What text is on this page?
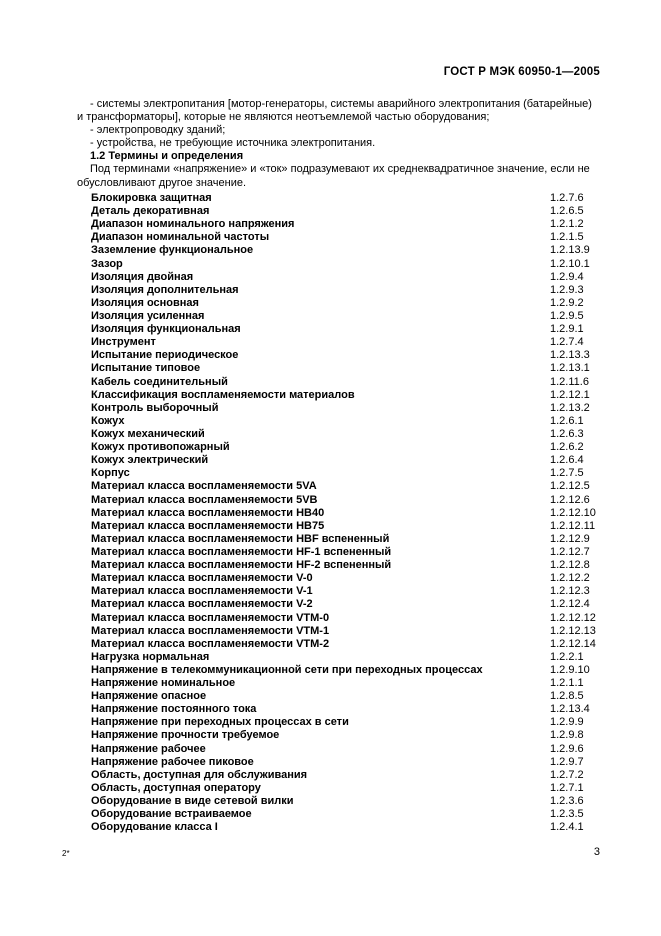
ГОСТ Р МЭК 60950-1—2005

- системы электропитания [мотор-генераторы, системы аварийного электропитания (батарейные) и трансформаторы], которые не являются неотъемлемой частью оборудования;

- электропроводку зданий;

- устройства, не требующие источника электропитания.

1.2 Термины и определения

Под терминами «напряжение» и «ток» подразумевают их среднеквадратичное значение, если не обусловливают другое значение.

Блокировка защитная	1.2.7.6
Деталь декоративная	1.2.6.5
Диапазон номинального напряжения	1.2.1.2
Диапазон номинальной частоты	1.2.1.5
Заземление функциональное	1.2.13.9
Зазор	1.2.10.1
Изоляция двойная	1.2.9.4
Изоляция дополнительная	1.2.9.3
Изоляция основная	1.2.9.2
Изоляция усиленная	1.2.9.5
Изоляция функциональная	1.2.9.1
Инструмент	1.2.7.4
Испытание периодическое	1.2.13.3
Испытание типовое	1.2.13.1
Кабель соединительный	1.2.11.6
Классификация воспламеняемости материалов	1.2.12.1
Контроль выборочный	1.2.13.2
Кожух	1.2.6.1
Кожух механический	1.2.6.3
Кожух противопожарный	1.2.6.2
Кожух электрический	1.2.6.4
Корпус	1.2.7.5
Материал класса воспламеняемости 5VA	1.2.12.5
Материал класса воспламеняемости 5VB	1.2.12.6
Материал класса воспламеняемости HB40	1.2.12.10
Материал класса воспламеняемости HB75	1.2.12.11
Материал класса воспламеняемости HBF вспененный	1.2.12.9
Материал класса воспламеняемости HF-1 вспененный	1.2.12.7
Материал класса воспламеняемости HF-2 вспененный	1.2.12.8
Материал класса воспламеняемости V-0	1.2.12.2
Материал класса воспламеняемости V-1	1.2.12.3
Материал класса воспламеняемости V-2	1.2.12.4
Материал класса воспламеняемости VTM-0	1.2.12.12
Материал класса воспламеняемости VTM-1	1.2.12.13
Материал класса воспламеняемости VTM-2	1.2.12.14
Нагрузка нормальная	1.2.2.1
Напряжение в телекоммуникационной сети при переходных процессах	1.2.9.10
Напряжение номинальное	1.2.1.1
Напряжение опасное	1.2.8.5
Напряжение постоянного тока	1.2.13.4
Напряжение при переходных процессах в сети	1.2.9.9
Напряжение прочности требуемое	1.2.9.8
Напряжение рабочее	1.2.9.6
Напряжение рабочее пиковое	1.2.9.7
Область, доступная для обслуживания	1.2.7.2
Область, доступная оператору	1.2.7.1
Оборудование в виде сетевой вилки	1.2.3.6
Оборудование встраиваемое	1.2.3.5
Оборудование класса I	1.2.4.1
2*	3
